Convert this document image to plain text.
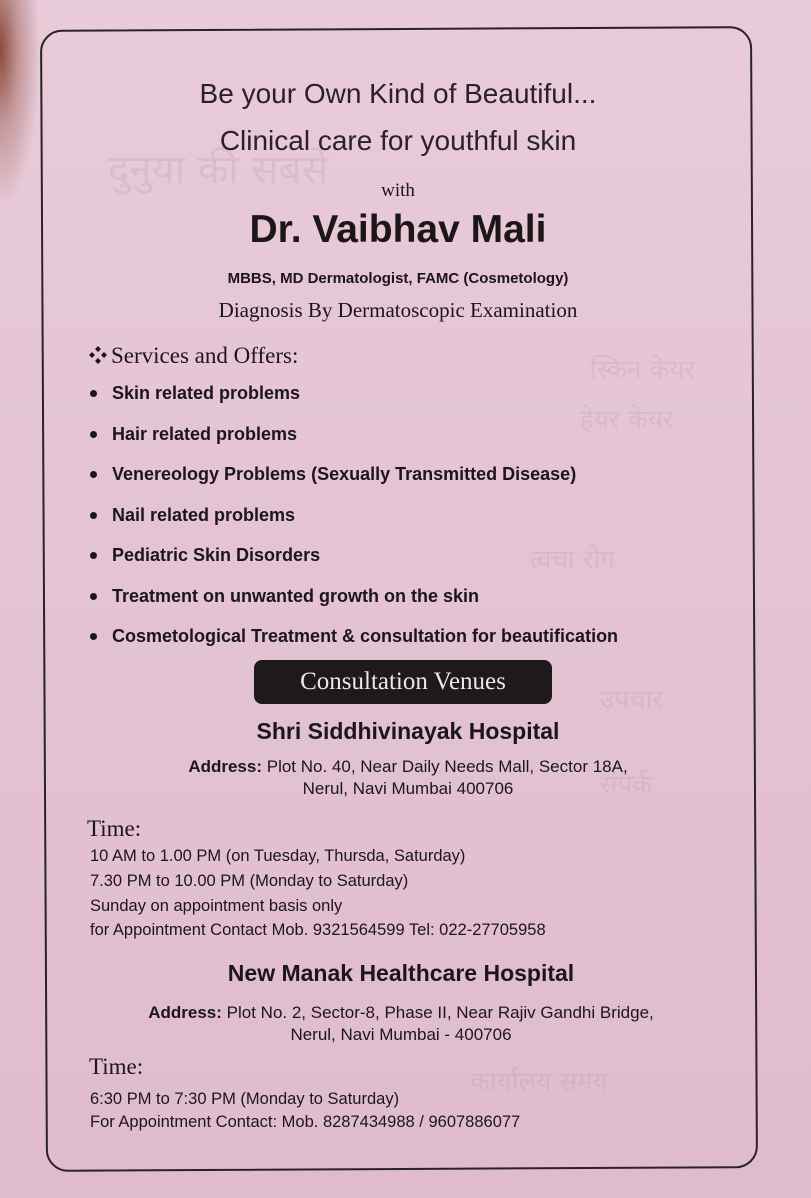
दुनुया की सबसे
स्किन केयर
हेयर केयर
त्वचा रोग
उपचार
संपर्क
कार्यालय समय
Be your Own Kind of Beautiful...
Clinical care for youthful skin
with
Dr. Vaibhav Mali
MBBS, MD Dermatologist, FAMC (Cosmetology)
Diagnosis By Dermatoscopic Examination
Services and Offers:
Skin related problems
Hair related problems
Venereology Problems (Sexually Transmitted Disease)
Nail related problems
Pediatric Skin Disorders
Treatment on unwanted growth on the skin
Cosmetological Treatment & consultation for beautification
Consultation Venues
Shri Siddhivinayak Hospital
Address: Plot No. 40, Near Daily Needs Mall, Sector 18A,
Nerul, Navi Mumbai 400706
Time:
10 AM to 1.00 PM (on Tuesday, Thursda, Saturday)
7.30 PM to 10.00 PM (Monday to Saturday)
Sunday on appointment basis only
for Appointment Contact Mob. 9321564599 Tel: 022-27705958
New Manak Healthcare Hospital
Address: Plot No. 2, Sector-8, Phase II, Near Rajiv Gandhi Bridge,
Nerul, Navi Mumbai - 400706
Time:
6:30 PM to 7:30 PM (Monday to Saturday)
For Appointment Contact: Mob. 8287434988 / 9607886077
